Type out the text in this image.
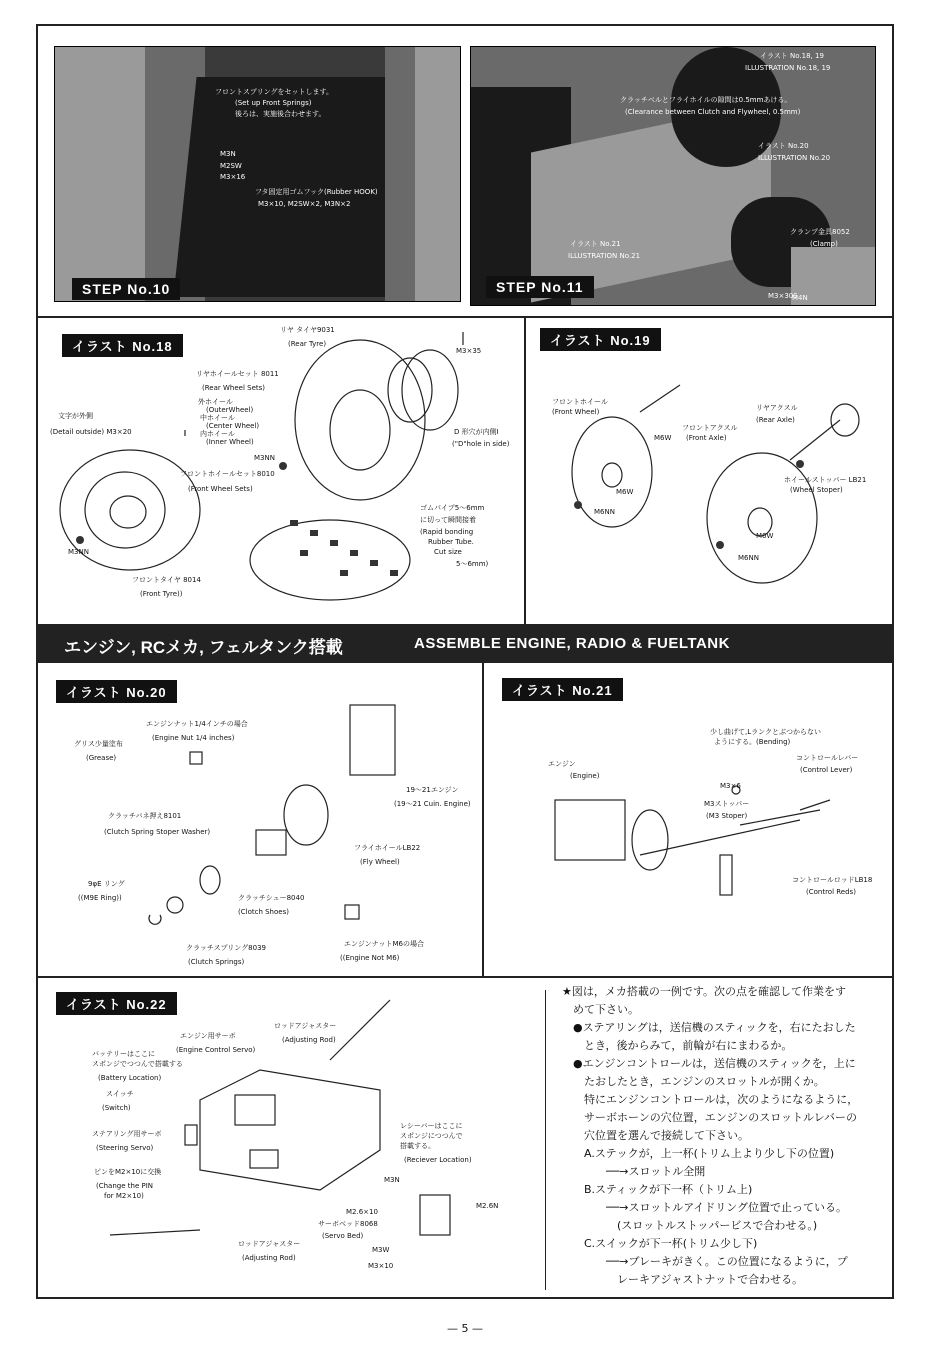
フロントスプリングをセットします。
(Set up Front Springs)
後ろは、実施後合わせます。
M3N
M2SW
M3×16
フタ固定用ゴムフック(Rubber HOOK)
M3×10, M2SW×2, M3N×2
STEP No.10
イラスト No.18, 19
ILLUSTRATION No.18, 19
クラッチベルとフライホイルの隙間は0.5mmあける。
(Clearance between Clutch and Flywheel, 0.5mm)
イラスト No.20
ILLUSTRATION No.20
クランプ金具8052
(Clamp)
イラスト No.21
ILLUSTRATION No.21
M3×30S
M4N
STEP No.11
イラスト No.18
リヤ タイヤ9031
(Rear Tyre)
M3×35
リヤホイールセット 8011
(Rear Wheel Sets)
外ホイール
(OuterWheel)
中ホイール
(Center Wheel)
内ホイール
(Inner Wheel)
文字が外側
(Detail outside) M3×20	D 形穴が内側I
("D"hole in side)
M3NN
フロントホイールセット8010
(Front Wheel Sets)
ゴムパイプ5～6mm
に切って瞬間接着
(Rapid bonding
Rubber Tube.
Cut size
5～6mm)
M3NN
フロントタイヤ 8014
(Front Tyre))
イラスト No.19
フロントホイール
(Front Wheel)
M6W
フロントアクスル
(Front Axle)
M6W
M6NN
リヤアクスル
(Rear Axle)
ホイールストッパー LB21
(Wheel Stoper)
M6W
M6NN
エンジン, RCメカ, フェルタンク搭載	ASSEMBLE ENGINE, RADIO & FUELTANK
イラスト No.20
エンジンナット1/4インチの場合
(Engine Nut 1/4 inches)
グリス少量塗布
(Grease)
19～21エンジン
(19～21 Cuin. Engine)
クラッチバネ押え8101
(Clutch Spring Stoper Washer)
フライホイールLB22
(Fly Wheel)
9φE リング
((M9E Ring))	クラッチシュー8040
(Clotch Shoes)
エンジンナットM6の場合
((Engine Not M6)
クラッチスプリング8039
(Clutch Springs)
イラスト No.21
少し曲げて,Lランクとぶつからない
ようにする。(Bending)
エンジン
(Engine)
コントロールレバー
(Control Lever)
M3×6
M3ストッパー
(M3 Stoper)
コントロールロッドLB18
(Control Reds)
イラスト No.22
ロッドアジャスター
(Adjusting Rod)
エンジン用サーボ
(Engine Control Servo)
バッテリーはここに
スポンジでつつんで搭載する
(Battery Location)
スイッチ
(Switch)
ステアリング用サーボ
(Steering Servo)
レシーバーはここに
スポンジにつつんで
搭載する。
(Reciever Location)
ピンをM2×10に交換
(Change the PIN
for M2×10)
M3N
M2.6N
M2.6×10
サーボベッド8068
(Servo Bed)
ロッドアジャスター
(Adjusting Rod)
M3W
M3×10
★図は，メカ搭載の一例です。次の点を確認して作業をす
　めて下さい。
　●ステアリングは，送信機のスティックを，右にたおした
　　とき，後からみて，前輪が右にまわるか。
　●エンジンコントロールは，送信機のスティックを，上に
　　たおしたとき，エンジンのスロットルが開くか。
　　特にエンジンコントロールは，次のようになるように，
　　サーボホーンの穴位置，エンジンのスロットルレバーの
　　穴位置を選んで接続して下さい。
　　A.ステックが，上一杯(トリム上より少し下の位置)
　　　　──→スロットル全開
　　B.スティックが下一杯（トリム上)
　　　　──→スロットルアイドリング位置で止っている。
　　　　　(スロットルストッパービスで合わせる。)
　　C.スイックが下一杯(トリム少し下)
　　　　──→ブレーキがきく。この位置になるように，プ
　　　　　レーキアジャストナットで合わせる。
— 5 —
